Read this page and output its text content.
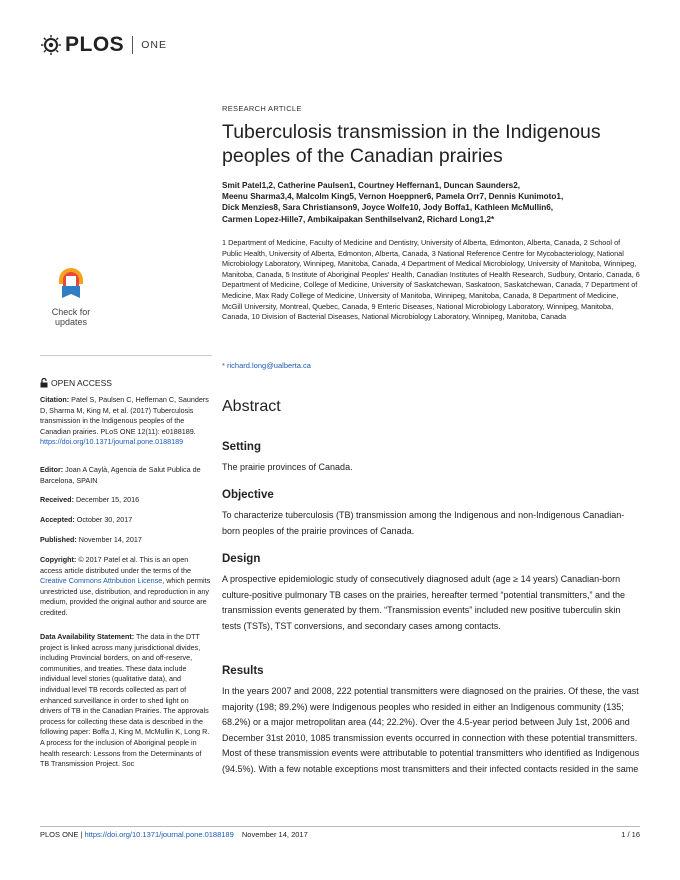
PLOS ONE
Check for
updates
OPEN ACCESS
Citation: Patel S, Paulsen C, Heffernan C, Saunders D, Sharma M, King M, et al. (2017) Tuberculosis transmission in the Indigenous peoples of the Canadian prairies. PLoS ONE 12(11): e0188189. https://doi.org/10.1371/journal.pone.0188189
Editor: Joan A Caylà, Agencia de Salut Publica de Barcelona, SPAIN
Received: December 15, 2016
Accepted: October 30, 2017
Published: November 14, 2017
Copyright: © 2017 Patel et al. This is an open access article distributed under the terms of the Creative Commons Attribution License, which permits unrestricted use, distribution, and reproduction in any medium, provided the original author and source are credited.
Data Availability Statement: The data in the DTT project is linked across many jurisdictional divides, including Provincial borders, on and off-reserve, communities, and treaties. These data include individual level stories (qualitative data), and individual level TB records collected as part of enhanced surveillance in order to shed light on drivers of TB in the Canadian Prairies. The approvals process for collecting these data is described in the following paper: Boffa J, King M, McMullin K, Long R. A process for the inclusion of Aboriginal people in health research: Lessons from the Determinants of TB Transmission Project. Soc
RESEARCH ARTICLE
Tuberculosis transmission in the Indigenous peoples of the Canadian prairies
Smit Patel1,2, Catherine Paulsen1, Courtney Heffernan1, Duncan Saunders2,
Meenu Sharma3,4, Malcolm King5, Vernon Hoeppner6, Pamela Orr7, Dennis Kunimoto1,
Dick Menzies8, Sara Christianson9, Joyce Wolfe10, Jody Boffa1, Kathleen McMullin6,
Carmen Lopez-Hille7, Ambikaipakan Senthilselvan2, Richard Long1,2*
1 Department of Medicine, Faculty of Medicine and Dentistry, University of Alberta, Edmonton, Alberta, Canada, 2 School of Public Health, University of Alberta, Edmonton, Alberta, Canada, 3 National Reference Centre for Mycobacteriology, National Microbiology Laboratory, Winnipeg, Manitoba, Canada, 4 Department of Medical Microbiology, University of Manitoba, Winnipeg, Manitoba, Canada, 5 Institute of Aboriginal Peoples' Health, Canadian Institutes of Health Research, Sudbury, Ontario, Canada, 6 Department of Medicine, College of Medicine, University of Saskatchewan, Saskatoon, Saskatchewan, Canada, 7 Department of Medicine, Max Rady College of Medicine, University of Manitoba, Winnipeg, Manitoba, Canada, 8 Department of Medicine, McGill University, Montreal, Quebec, Canada, 9 Enteric Diseases, National Microbiology Laboratory, Winnipeg, Manitoba, Canada, 10 Division of Bacterial Diseases, National Microbiology Laboratory, Winnipeg, Manitoba, Canada
* richard.long@ualberta.ca
Abstract
Setting
The prairie provinces of Canada.
Objective
To characterize tuberculosis (TB) transmission among the Indigenous and non-Indigenous Canadian-born peoples of the prairie provinces of Canada.
Design
A prospective epidemiologic study of consecutively diagnosed adult (age ≥ 14 years) Canadian-born culture-positive pulmonary TB cases on the prairies, hereafter termed “potential transmitters,” and the transmission events generated by them. “Transmission events” included new positive tuberculin skin tests (TSTs), TST conversions, and secondary cases among contacts.
Results
In the years 2007 and 2008, 222 potential transmitters were diagnosed on the prairies. Of these, the vast majority (198; 89.2%) were Indigenous peoples who resided in either an Indigenous community (135; 68.2%) or a major metropolitan area (44; 22.2%). Over the 4.5-year period between July 1st, 2006 and December 31st 2010, 1085 transmission events occurred in connection with these potential transmitters. Most of these transmission events were attributable to potential transmitters who identified as Indigenous (94.5%). With a few notable exceptions most transmitters and their infected contacts resided in the same
PLOS ONE | https://doi.org/10.1371/journal.pone.0188189 November 14, 2017	1 / 16
